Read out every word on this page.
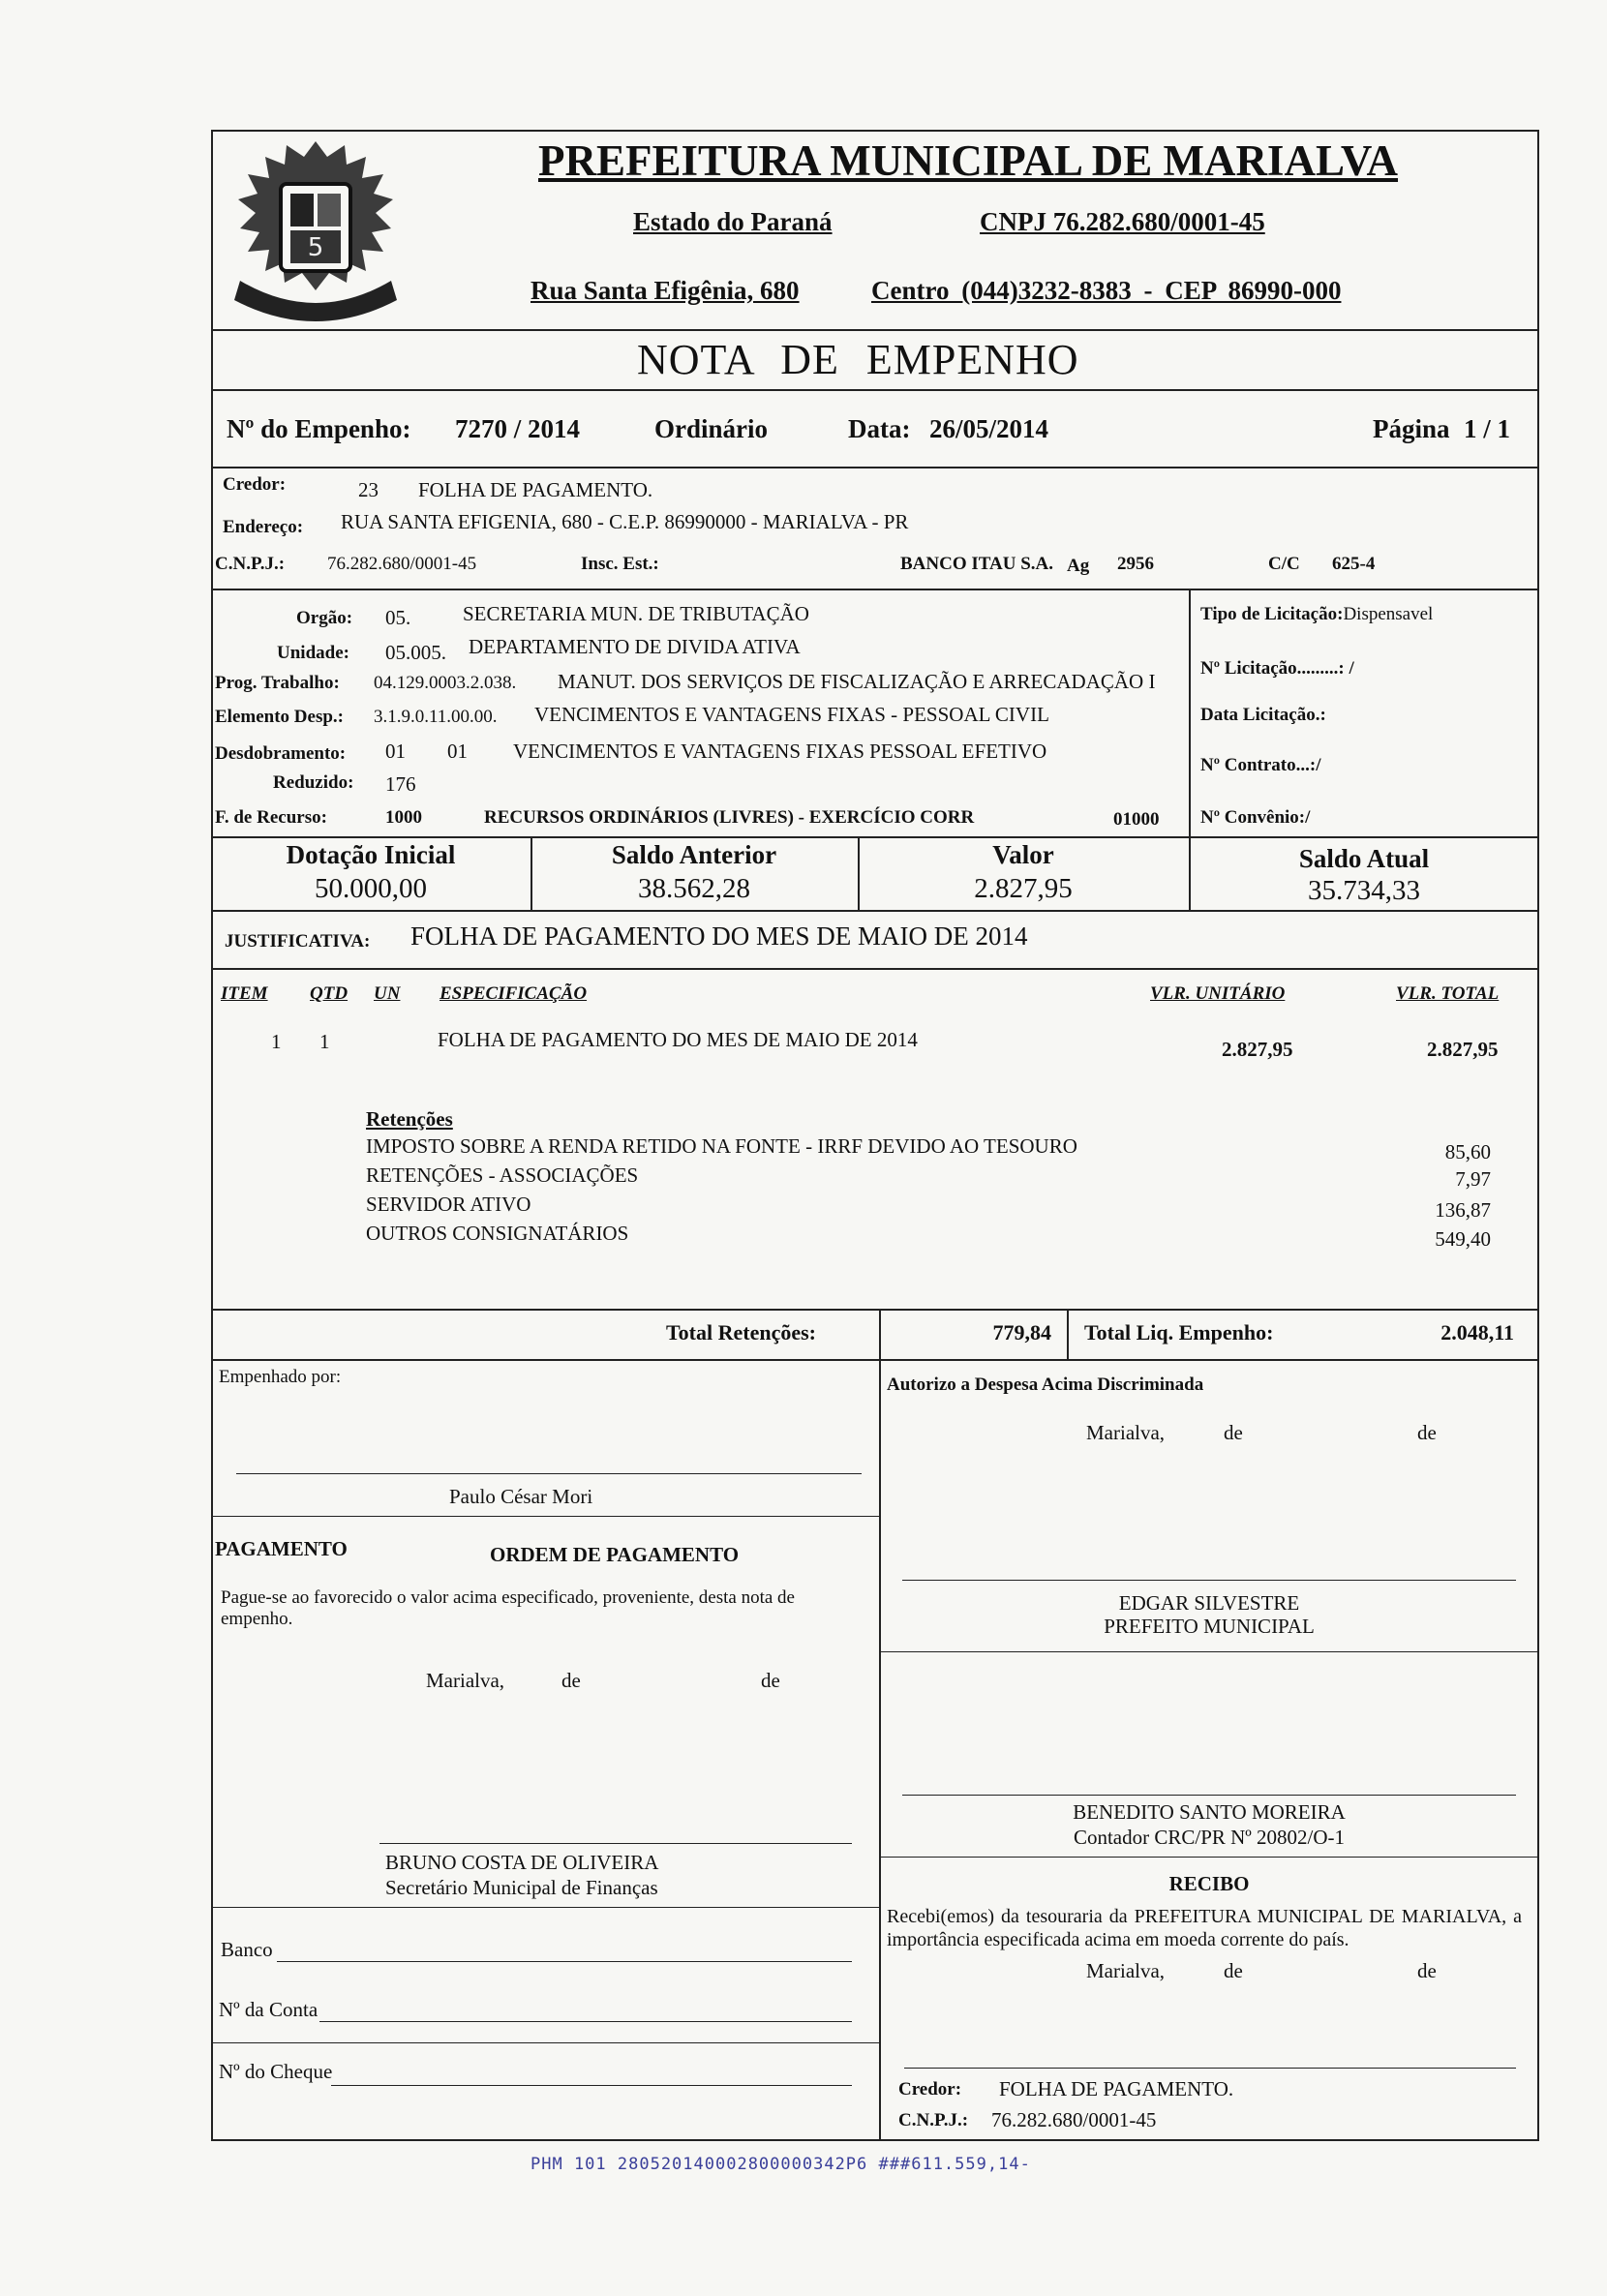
5
PREFEITURA MUNICIPAL DE MARIALVA
Estado do Paraná	CNPJ 76.282.680/0001-45
Rua Santa Efigênia, 680	Centro (044)3232-8383 - CEP 86990-000
NOTA DE EMPENHO
Nº do Empenho: 7270 / 2014	Ordinário	Data: 26/05/2014	Página 1 / 1
Credor:	23 FOLHA DE PAGAMENTO.
Endereço: RUA SANTA EFIGENIA, 680 - C.E.P. 86990000 - MARIALVA - PR
C.N.P.J.: 76.282.680/0001-45	Insc. Est.:	BANCO ITAU S.A. Ag 2956	C/C 625-4
Orgão: 05.	SECRETARIA MUN. DE TRIBUTAÇÃO
Unidade: 05.005. DEPARTAMENTO DE DIVIDA ATIVA
Prog. Trabalho: 04.129.0003.2.038. MANUT. DOS SERVIÇOS DE FISCALIZAÇÃO E ARRECADAÇÃO I
Elemento Desp.: 3.1.9.0.11.00.00. VENCIMENTOS E VANTAGENS FIXAS - PESSOAL CIVIL
Desdobramento: 01 01 VENCIMENTOS E VANTAGENS FIXAS PESSOAL EFETIVO
Reduzido: 176
F. de Recurso:	1000	RECURSOS ORDINÁRIOS (LIVRES) - EXERCÍCIO CORR	01000
Tipo de Licitação:Dispensavel
Nº Licitação.........: /
Data Licitação.:
Nº Contrato...:/
Nº Convênio:/
Dotação Inicial
50.000,00
Saldo Anterior
38.562,28
Valor
2.827,95
Saldo Atual
35.734,33
JUSTIFICATIVA: FOLHA DE PAGAMENTO DO MES DE MAIO DE 2014
ITEM QTD UN ESPECIFICAÇÃO	VLR. UNITÁRIO	VLR. TOTAL
1 1	FOLHA DE PAGAMENTO DO MES DE MAIO DE 2014	2.827,95	2.827,95
Retenções
IMPOSTO SOBRE A RENDA RETIDO NA FONTE - IRRF DEVIDO AO TESOURO	85,60
RETENÇÕES - ASSOCIAÇÕES	7,97
SERVIDOR ATIVO	136,87
OUTROS CONSIGNATÁRIOS	549,40
Total Retenções:	779,84 Total Liq. Empenho:	2.048,11
Empenhado por:
Paulo César Mori
Autorizo a Despesa Acima Discriminada
Marialva,	de	de
PAGAMENTO	ORDEM DE PAGAMENTO
Pague-se ao favorecido o valor acima especificado, proveniente, desta nota de empenho.
Marialva,	de	de
EDGAR SILVESTRE
PREFEITO MUNICIPAL
BENEDITO SANTO MOREIRA
Contador CRC/PR Nº 20802/O-1
BRUNO COSTA DE OLIVEIRA
Secretário Municipal de Finanças	RECIBO
Recebi(emos) da tesouraria da PREFEITURA MUNICIPAL DE MARIALVA, a importância especificada acima em moeda corrente do país.
Marialva,	de	de
Banco
Nº da Conta
Nº do Cheque
Credor: FOLHA DE PAGAMENTO.
C.N.P.J.: 76.282.680/0001-45
PHM 101 280520140002800000342P6 ###611.559,14-
